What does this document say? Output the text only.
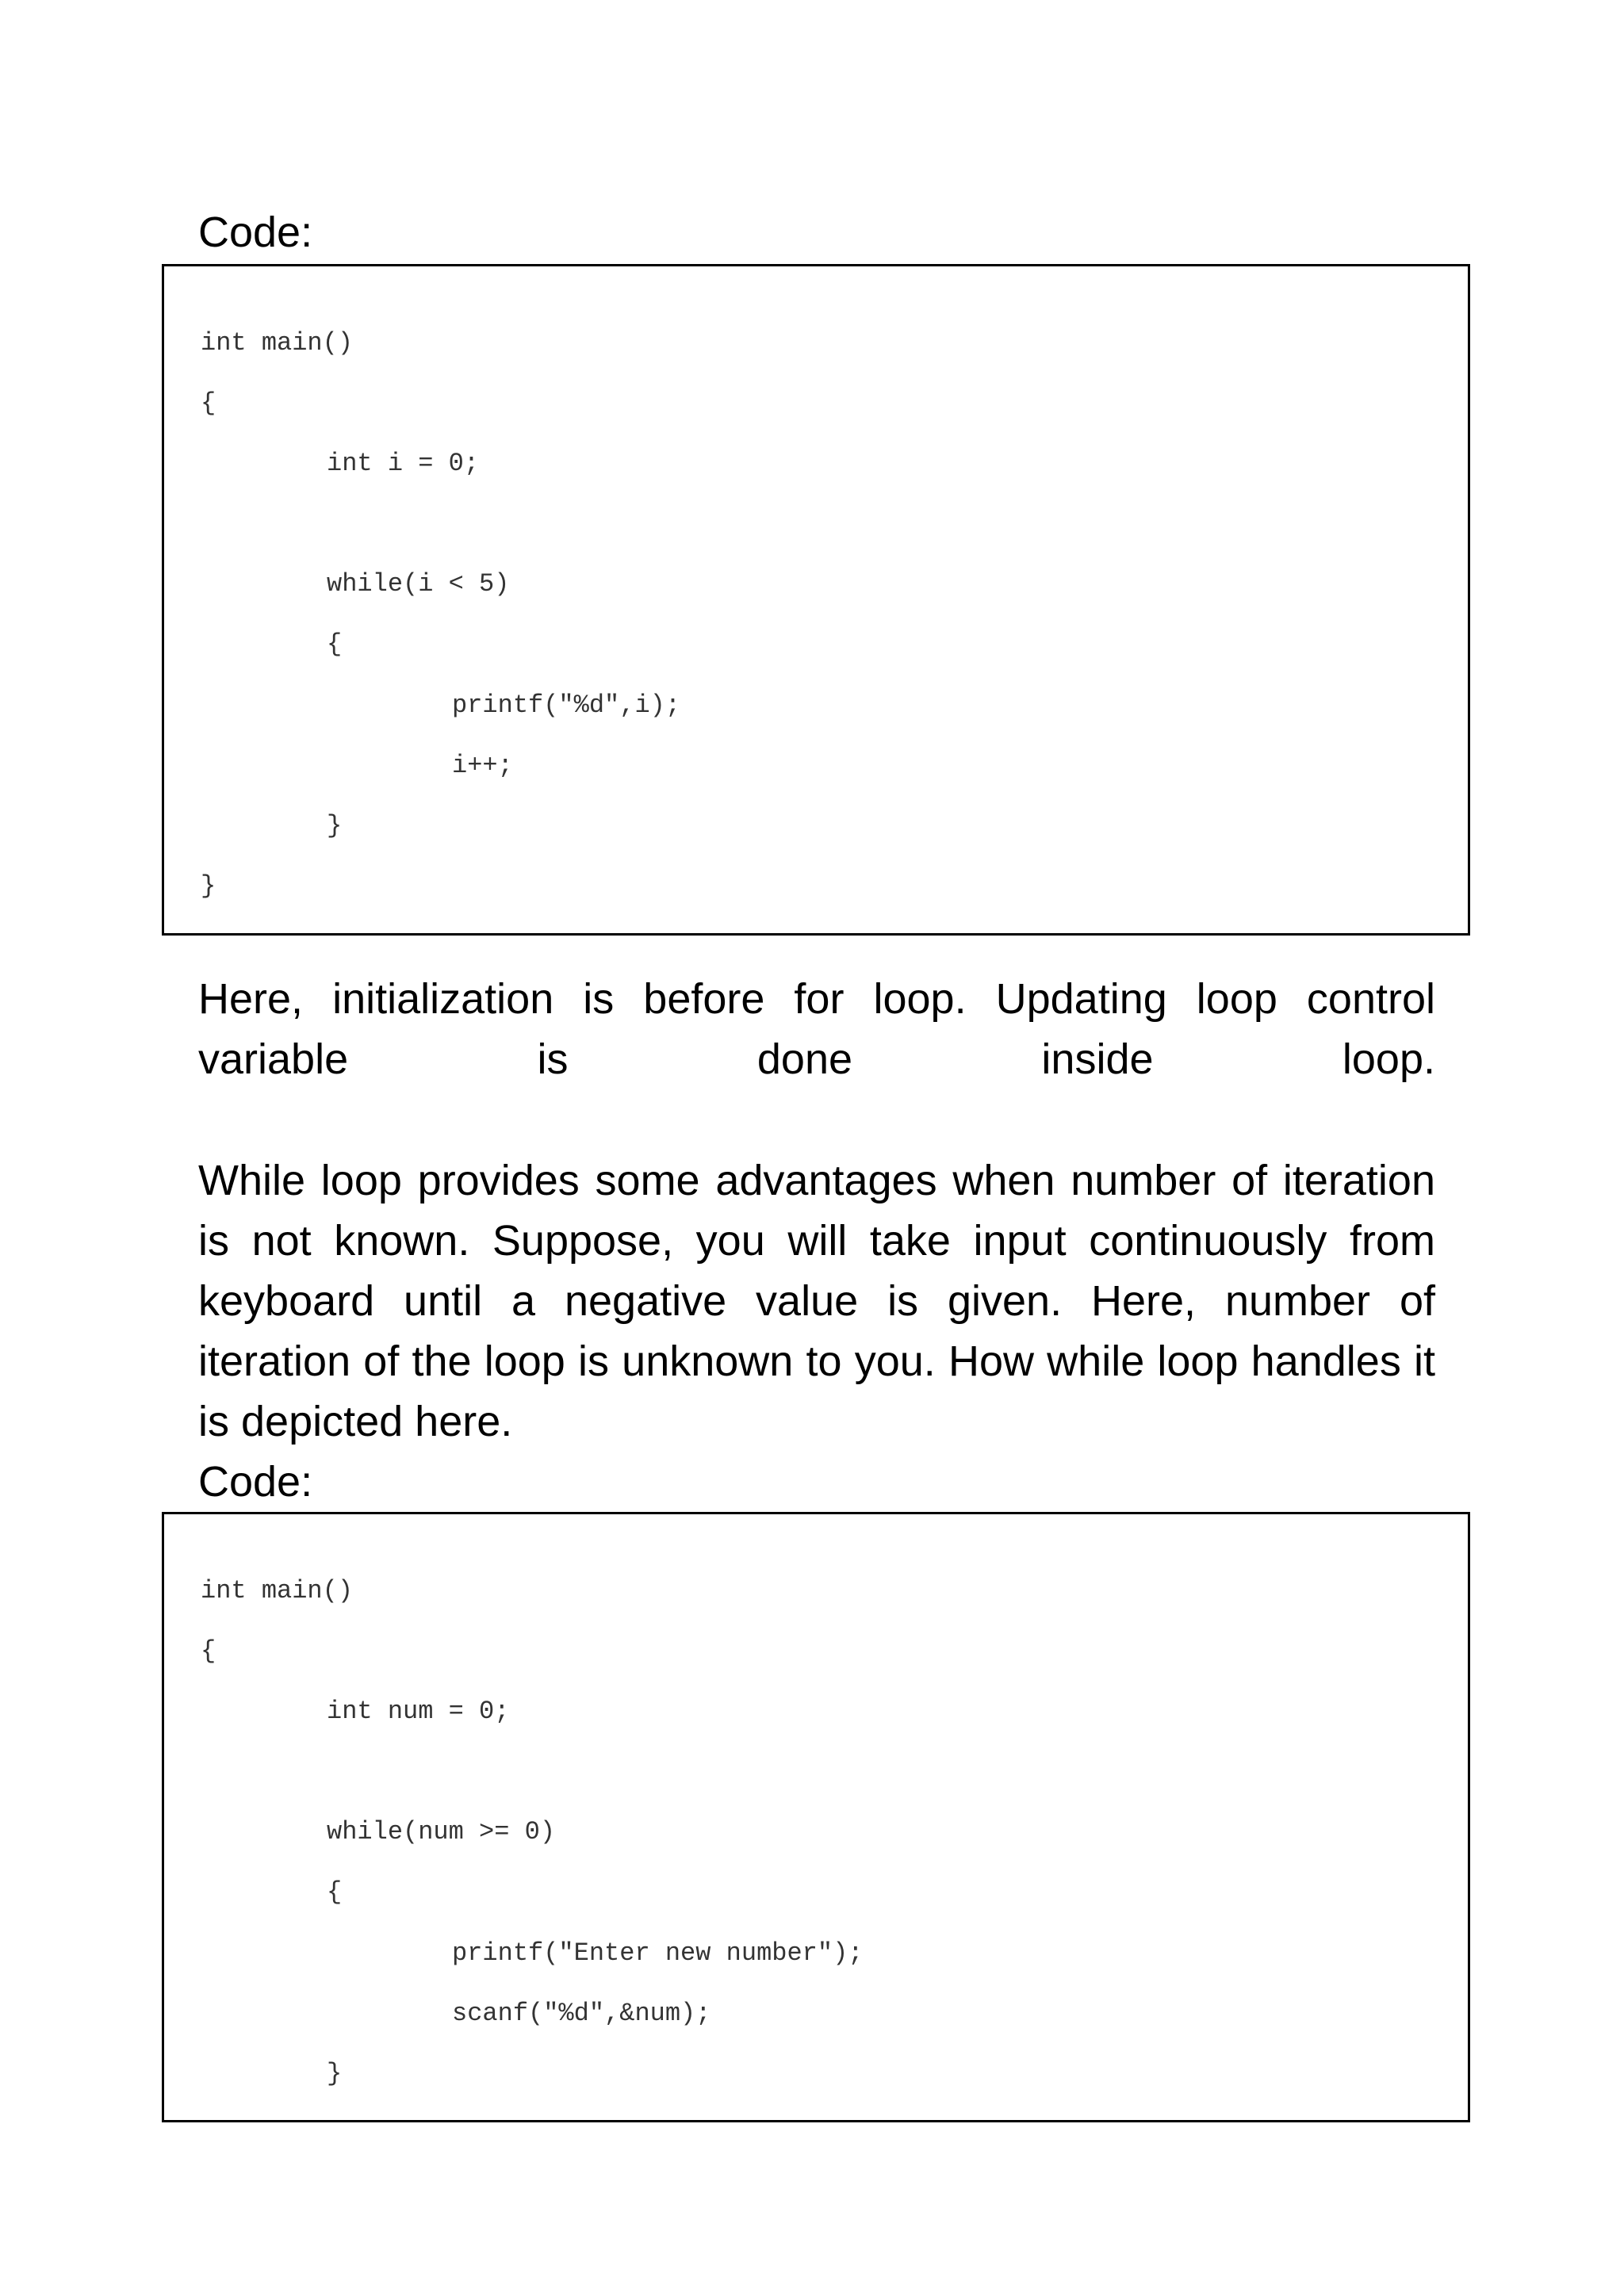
Code:
int main()
{
int i = 0;
while(i < 5)
{
printf("%d",i);
i++;
}
}
Here, initialization is before for loop. Updating loop control
variable is done inside loop.
While loop provides some advantages when number of iteration is not known. Suppose, you will take input continuously from keyboard until a negative value is given. Here, number of iteration of the loop is unknown to you. How while loop handles it is depicted here.
Code:
int main()
{
int num = 0;
while(num >= 0)
{
printf("Enter new number");
scanf("%d",&num);
}
